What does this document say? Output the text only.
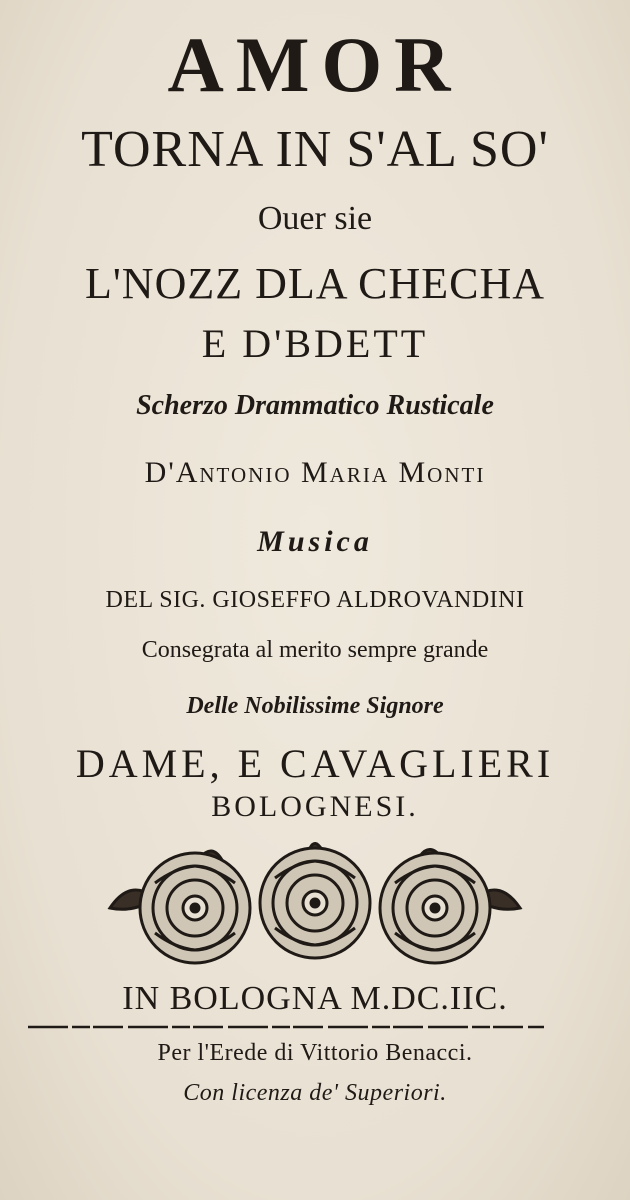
AMOR
TORNA IN S'AL SO'
Ouer sie
L'NOZZ DLA CHECHA
E D'BDETT
Scherzo Drammatico Rusticale
D'Antonio Maria Monti
Musica
DEL SIG. GIOSEFFO ALDROVANDINI
Consegrata al merito sempre grande
Delle Nobilissime Signore
DAME, E CAVAGLIERI
BOLOGNESI.
IN BOLOGNA M.DC.IIC.
Per l'Erede di Vittorio Benacci.
Con licenza de' Superiori.
